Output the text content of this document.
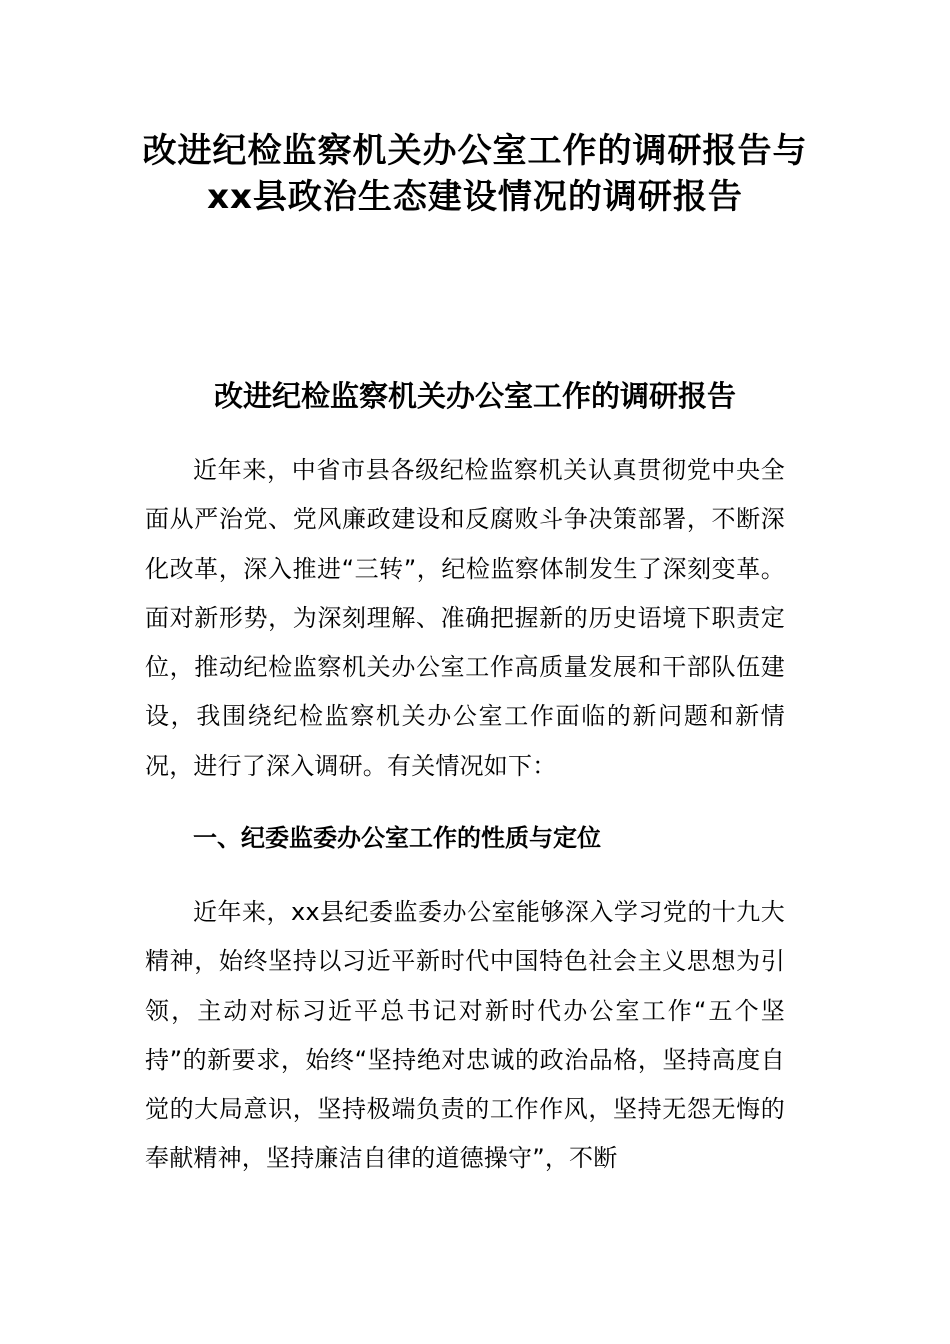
改进纪检监察机关办公室工作的调研报告与xx县政治生态建设情况的调研报告
改进纪检监察机关办公室工作的调研报告

近年来，中省市县各级纪检监察机关认真贯彻党中央全面从严治党、党风廉政建设和反腐败斗争决策部署，不断深化改革，深入推进“三转”，纪检监察体制发生了深刻变革。面对新形势，为深刻理解、准确把握新的历史语境下职责定位，推动纪检监察机关办公室工作高质量发展和干部队伍建设，我围绕纪检监察机关办公室工作面临的新问题和新情况，进行了深入调研。有关情况如下：

一、纪委监委办公室工作的性质与定位

近年来，xx县纪委监委办公室能够深入学习党的十九大精神，始终坚持以习近平新时代中国特色社会主义思想为引领，主动对标习近平总书记对新时代办公室工作“五个坚持”的新要求，始终“坚持绝对忠诚的政治品格，坚持高度自觉的大局意识，坚持极端负责的工作作风，坚持无怨无悔的奉献精神，坚持廉洁自律的道德操守”，不断
